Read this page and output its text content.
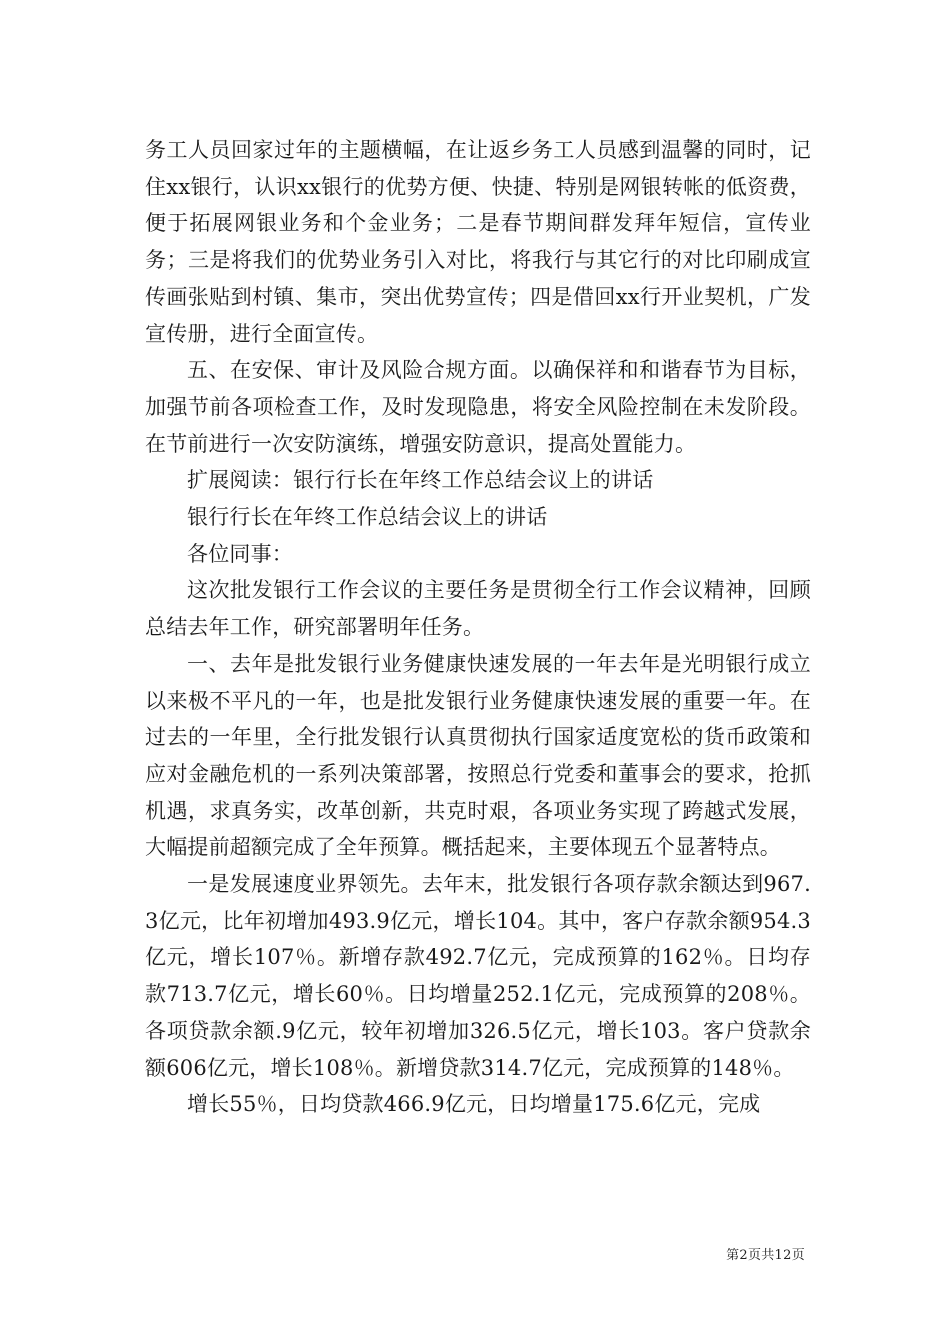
务工人员回家过年的主题横幅，在让返乡务工人员感到温馨的同时，记住xx银行，认识xx银行的优势方便、快捷、特别是网银转帐的低资费，便于拓展网银业务和个金业务；二是春节期间群发拜年短信，宣传业务；三是将我们的优势业务引入对比，将我行与其它行的对比印刷成宣传画张贴到村镇、集市，突出优势宣传；四是借回xx行开业契机，广发宣传册，进行全面宣传。

五、在安保、审计及风险合规方面。以确保祥和和谐春节为目标，加强节前各项检查工作，及时发现隐患，将安全风险控制在未发阶段。在节前进行一次安防演练，增强安防意识，提高处置能力。

扩展阅读：银行行长在年终工作总结会议上的讲话

银行行长在年终工作总结会议上的讲话

各位同事：

这次批发银行工作会议的主要任务是贯彻全行工作会议精神，回顾总结去年工作，研究部署明年任务。

一、去年是批发银行业务健康快速发展的一年去年是光明银行成立以来极不平凡的一年，也是批发银行业务健康快速发展的重要一年。在过去的一年里，全行批发银行认真贯彻执行国家适度宽松的货币政策和应对金融危机的一系列决策部署，按照总行党委和董事会的要求，抢抓机遇，求真务实，改革创新，共克时艰，各项业务实现了跨越式发展，大幅提前超额完成了全年预算。概括起来，主要体现五个显著特点。

一是发展速度业界领先。去年末，批发银行各项存款余额达到967.3亿元，比年初增加493.9亿元，增长104。其中，客户存款余额954.3亿元，增长107％。新增存款492.7亿元，完成预算的162％。日均存款713.7亿元，增长60％。日均增量252.1亿元，完成预算的208％。各项贷款余额.9亿元，较年初增加326.5亿元，增长103。客户贷款余额606亿元，增长108％。新增贷款314.7亿元，完成预算的148％。

增长55％，日均贷款466.9亿元，日均增量175.6亿元，完成

第2页共12页
